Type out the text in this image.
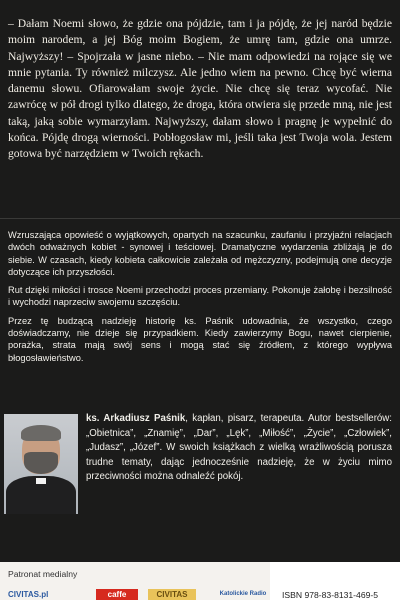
– Dałam Noemi słowo, że gdzie ona pójdzie, tam i ja pójdę, że jej naród będzie moim narodem, a jej Bóg moim Bogiem, że umrę tam, gdzie ona umrze. Najwyższy! – Spojrzała w jasne niebo. – Nie mam odpowiedzi na rojące się we mnie pytania. Ty również milczysz. Ale jedno wiem na pewno. Chcę być wierna danemu słowu. Ofiarowałam swoje życie. Nie chcę się teraz wycofać. Nie zawrócę w pół drogi tylko dlatego, że droga, która otwiera się przede mną, nie jest taką, jaką sobie wymarzyłam. Najwyższy, dałam słowo i pragnę je wypełnić do końca. Pójdę drogą wierności. Pobłogosław mi, jeśli taka jest Twoja wola. Jestem gotowa być narzędziem w Twoich rękach.

Wzruszająca opowieść o wyjątkowych, opartych na szacunku, zaufaniu i przyjaźni relacjach dwóch odważnych kobiet - synowej i teściowej. Dramatyczne wydarzenia zbliżają je do siebie. W czasach, kiedy kobieta całkowicie zależała od mężczyzny, podejmują one decyzje dotyczące ich przyszłości.

Rut dzięki miłości i trosce Noemi przechodzi proces przemiany. Pokonuje żałobę i bezsilność i wychodzi naprzeciw swojemu szczęściu.

Przez tę budzącą nadzieję historię ks. Paśnik udowadnia, że wszystko, czego doświadczamy, nie dzieje się przypadkiem. Kiedy zawierzymy Bogu, nawet cierpienie, porażka, strata mają swój sens i mogą stać się źródłem, z którego wypływa błogosławieństwo.

ks. Arkadiusz Paśnik, kapłan, pisarz, terapeuta. Autor bestsellerów: „Obietnica”, „Znamię”, „Dar”, „Lęk”, „Miłość”, „Życie”, „Człowiek”, „Judasz”, „Józef”. W swoich książkach z wielką wrażliwością porusza trudne tematy, dając jednocześnie nadzieję, że w życiu mimo przeciwności można odnaleźć pokój.
Patronat medialny
CIVITAS.pl	caffe	CIVITAS	Katolickie Radio ISBN 978-83-8131-469-5
